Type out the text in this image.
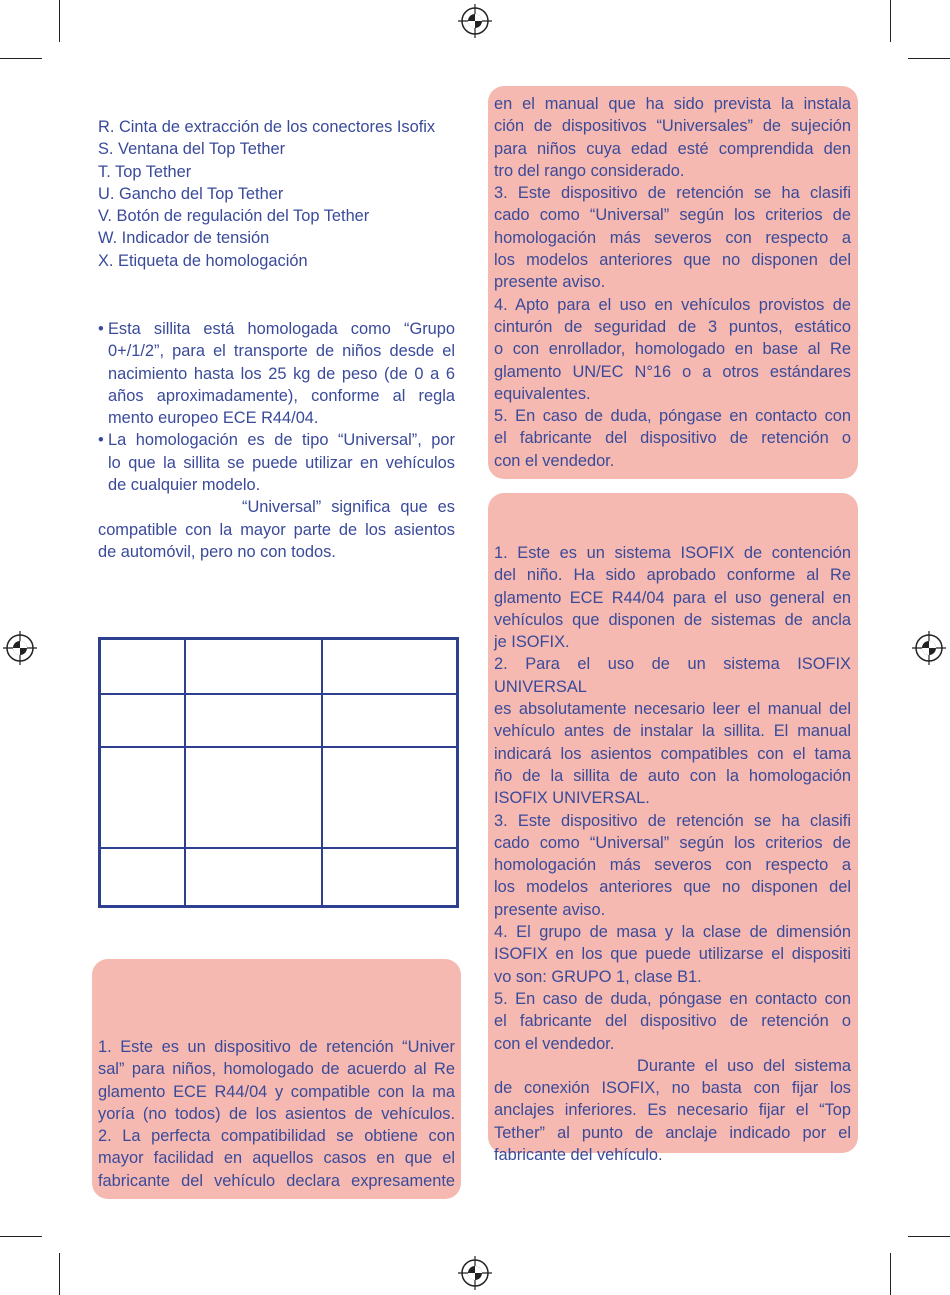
R. Cinta de extracción de los conectores Isofix
S. Ventana del Top Tether
T. Top Tether
U. Gancho del Top Tether
V. Botón de regulación del Top Tether
W. Indicador de tensión
X. Etiqueta de homologación
• Esta sillita está homologada como “Grupo
0+/1/2”, para el transporte de niños desde el
nacimiento hasta los 25 kg de peso (de 0 a 6
años aproximadamente), conforme al regla
mento europeo ECE R44/04.
• La homologación es de tipo “Universal”, por
lo que la sillita se puede utilizar en vehículos
de cualquier modelo.
“Universal” significa que es
compatible con la mayor parte de los asientos
de automóvil, pero no con todos.

1. Este es un dispositivo de retención “Univer
sal” para niños, homologado de acuerdo al Re
glamento ECE R44/04 y compatible con la ma
yoría (no todos) de los asientos de vehículos.
2. La perfecta compatibilidad se obtiene con
mayor facilidad en aquellos casos en que el
fabricante del vehículo declara expresamente
en el manual que ha sido prevista la instala
ción de dispositivos “Universales” de sujeción
para niños cuya edad esté comprendida den
tro del rango considerado.
3. Este dispositivo de retención se ha clasifi
cado como “Universal” según los criterios de
homologación más severos con respecto a
los modelos anteriores que no disponen del
presente aviso.
4. Apto para el uso en vehículos provistos de
cinturón de seguridad de 3 puntos, estático
o con enrollador, homologado en base al Re
glamento UN/EC N°16 o a otros estándares
equivalentes.
5. En caso de duda, póngase en contacto con
el fabricante del dispositivo de retención o
con el vendedor.
1. Este es un sistema ISOFIX de contención
del niño. Ha sido aprobado conforme al Re
glamento ECE R44/04 para el uso general en
vehículos que disponen de sistemas de ancla
je ISOFIX.
2. Para el uso de un sistema ISOFIX UNIVERSAL
es absolutamente necesario leer el manual del
vehículo antes de instalar la sillita. El manual
indicará los asientos compatibles con el tama
ño de la sillita de auto con la homologación
ISOFIX UNIVERSAL.
3. Este dispositivo de retención se ha clasifi
cado como “Universal” según los criterios de
homologación más severos con respecto a
los modelos anteriores que no disponen del
presente aviso.
4. El grupo de masa y la clase de dimensión
ISOFIX en los que puede utilizarse el dispositi
vo son: GRUPO 1, clase B1.
5. En caso de duda, póngase en contacto con
el fabricante del dispositivo de retención o
con el vendedor.
Durante el uso del sistema
de conexión ISOFIX, no basta con fijar los
anclajes inferiores. Es necesario fijar el “Top
Tether” al punto de anclaje indicado por el
fabricante del vehículo.
